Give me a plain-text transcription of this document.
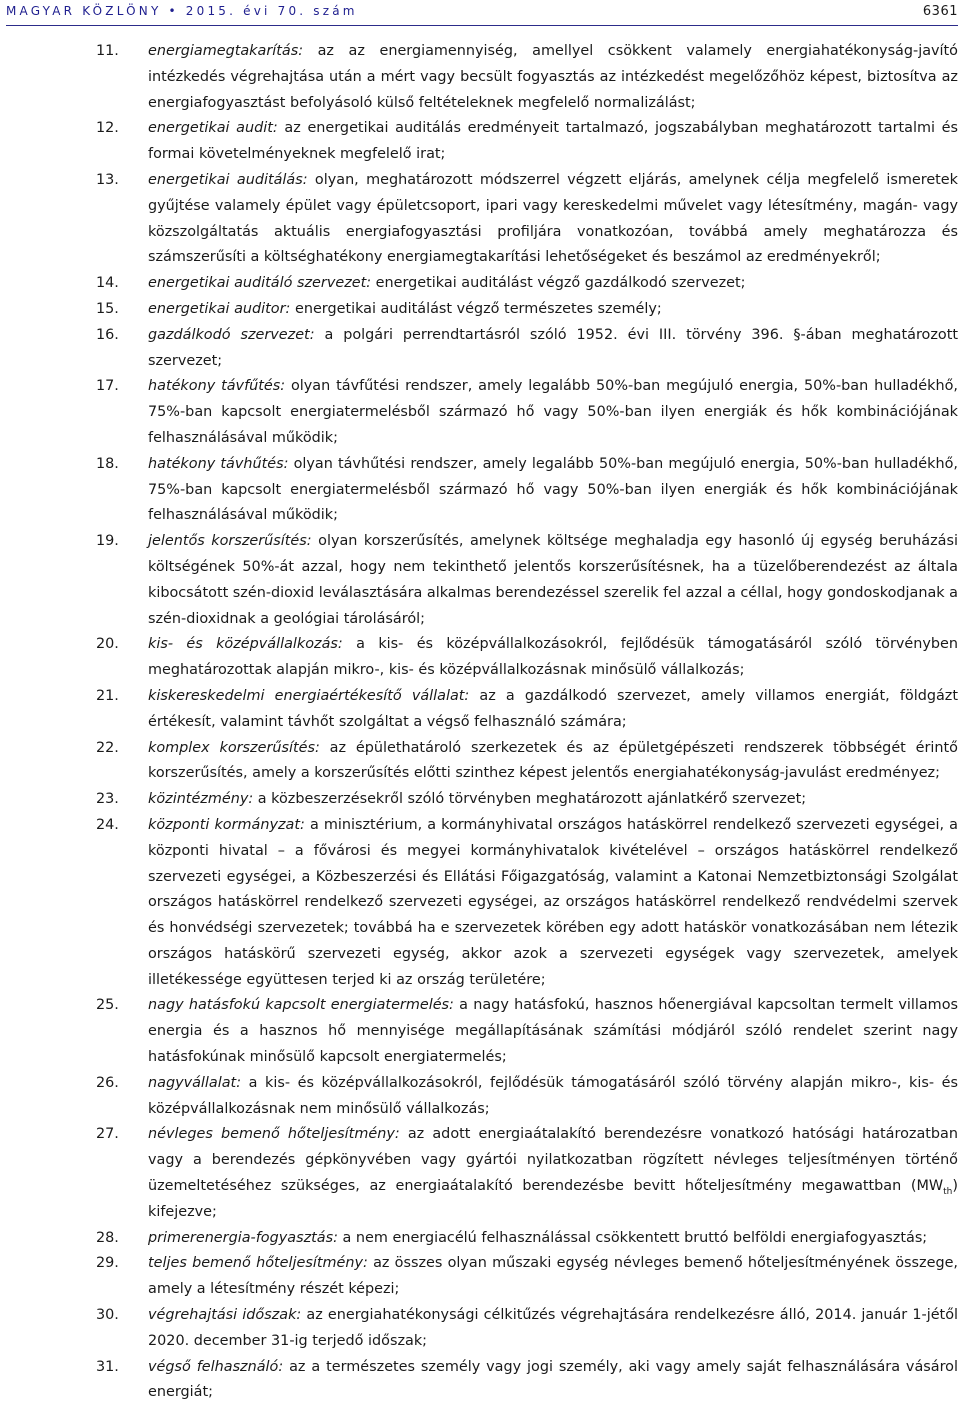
MAGYAR KÖZLÖNY • 2015. évi 70. szám	6361
11.	energiamegtakarítás: az az energiamennyiség, amellyel csökkent valamely energiahatékonyság-javító intézkedés végrehajtása után a mért vagy becsült fogyasztás az intézkedést megelőzőhöz képest, biztosítva az energiafogyasztást befolyásoló külső feltételeknek megfelelő normalizálást;
12.	energetikai audit: az energetikai auditálás eredményeit tartalmazó, jogszabályban meghatározott tartalmi és formai követelményeknek megfelelő irat;
13.	energetikai auditálás: olyan, meghatározott módszerrel végzett eljárás, amelynek célja megfelelő ismeretek gyűjtése valamely épület vagy épületcsoport, ipari vagy kereskedelmi művelet vagy létesítmény, magán- vagy közszolgáltatás aktuális energiafogyasztási profiljára vonatkozóan, továbbá amely meghatározza és számszerűsíti a költséghatékony energiamegtakarítási lehetőségeket és beszámol az eredményekről;
14.	energetikai auditáló szervezet: energetikai auditálást végző gazdálkodó szervezet;
15.	energetikai auditor: energetikai auditálást végző természetes személy;
16.	gazdálkodó szervezet: a polgári perrendtartásról szóló 1952. évi III. törvény 396. §-ában meghatározott szervezet;
17.	hatékony távfűtés: olyan távfűtési rendszer, amely legalább 50%-ban megújuló energia, 50%-ban hulladékhő, 75%-ban kapcsolt energiatermelésből származó hő vagy 50%-ban ilyen energiák és hők kombinációjának felhasználásával működik;
18.	hatékony távhűtés: olyan távhűtési rendszer, amely legalább 50%-ban megújuló energia, 50%-ban hulladékhő, 75%-ban kapcsolt energiatermelésből származó hő vagy 50%-ban ilyen energiák és hők kombinációjának felhasználásával működik;
19.	jelentős korszerűsítés: olyan korszerűsítés, amelynek költsége meghaladja egy hasonló új egység beruházási költségének 50%-át azzal, hogy nem tekinthető jelentős korszerűsítésnek, ha a tüzelőberendezést az általa kibocsátott szén-dioxid leválasztására alkalmas berendezéssel szerelik fel azzal a céllal, hogy gondoskodjanak a szén-dioxidnak a geológiai tárolásáról;
20.	kis- és középvállalkozás: a kis- és középvállalkozásokról, fejlődésük támogatásáról szóló törvényben meghatározottak alapján mikro-, kis- és középvállalkozásnak minősülő vállalkozás;
21.	kiskereskedelmi energiaértékesítő vállalat: az a gazdálkodó szervezet, amely villamos energiát, földgázt értékesít, valamint távhőt szolgáltat a végső felhasználó számára;
22.	komplex korszerűsítés: az épülethatároló szerkezetek és az épületgépészeti rendszerek többségét érintő korszerűsítés, amely a korszerűsítés előtti szinthez képest jelentős energiahatékonyság-javulást eredményez;
23.	közintézmény: a közbeszerzésekről szóló törvényben meghatározott ajánlatkérő szervezet;
24.	központi kormányzat: a minisztérium, a kormányhivatal országos hatáskörrel rendelkező szervezeti egységei, a központi hivatal – a fővárosi és megyei kormányhivatalok kivételével – országos hatáskörrel rendelkező szervezeti egységei, a Közbeszerzési és Ellátási Főigazgatóság, valamint a Katonai Nemzetbiztonsági Szolgálat országos hatáskörrel rendelkező szervezeti egységei, az országos hatáskörrel rendelkező rendvédelmi szervek és honvédségi szervezetek; továbbá ha e szervezetek körében egy adott hatáskör vonatkozásában nem létezik országos hatáskörű szervezeti egység, akkor azok a szervezeti egységek vagy szervezetek, amelyek illetékessége együttesen terjed ki az ország területére;
25.	nagy hatásfokú kapcsolt energiatermelés: a nagy hatásfokú, hasznos hőenergiával kapcsoltan termelt villamos energia és a hasznos hő mennyisége megállapításának számítási módjáról szóló rendelet szerint nagy hatásfokúnak minősülő kapcsolt energiatermelés;
26.	nagyvállalat: a kis- és középvállalkozásokról, fejlődésük támogatásáról szóló törvény alapján mikro-, kis- és középvállalkozásnak nem minősülő vállalkozás;
27.	névleges bemenő hőteljesítmény: az adott energiaátalakító berendezésre vonatkozó hatósági határozatban vagy a berendezés gépkönyvében vagy gyártói nyilatkozatban rögzített névleges teljesítményen történő üzemeltetéséhez szükséges, az energiaátalakító berendezésbe bevitt hőteljesítmény megawattban $(MW_{th})$ kifejezve;
28.	primerenergia-fogyasztás: a nem energiacélú felhasználással csökkentett bruttó belföldi energiafogyasztás;
29.	teljes bemenő hőteljesítmény: az összes olyan műszaki egység névleges bemenő hőteljesítményének összege, amely a létesítmény részét képezi;
30.	végrehajtási időszak: az energiahatékonysági célkitűzés végrehajtására rendelkezésre álló, 2014. január 1-jétől 2020. december 31-ig terjedő időszak;
31.	végső felhasználó: az a természetes személy vagy jogi személy, aki vagy amely saját felhasználására vásárol energiát;
